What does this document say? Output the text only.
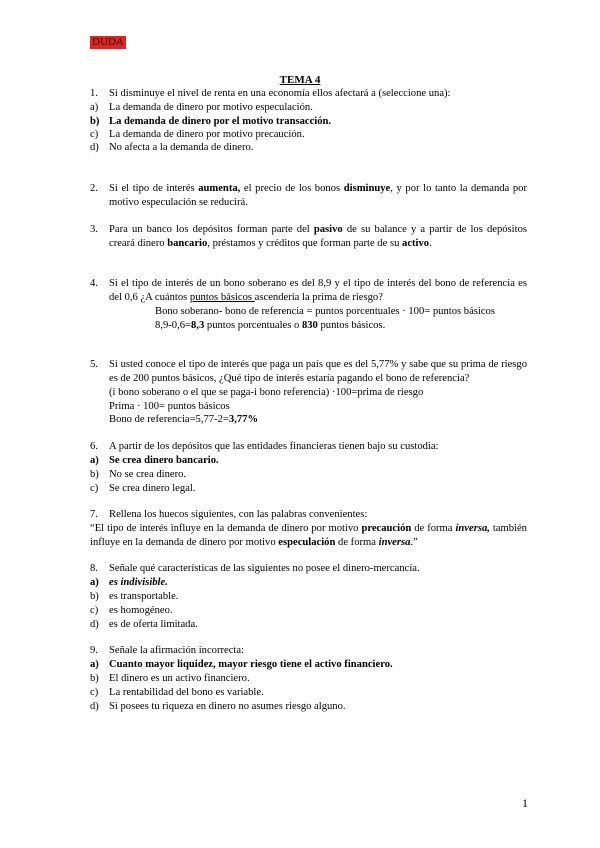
DUDA
TEMA 4
1. Si disminuye el nivel de renta en una economía ellos afectará a (seleccione una):
a) La demanda de dinero por motivo especulación.
b) La demanda de dinero por el motivo transacción.
c) La demanda de dinero por motivo precaución.
d) No afecta a la demanda de dinero.
2. Si el tipo de interés aumenta, el precio de los bonos disminuye, y por lo tanto la demanda por motivo especulación se reducirá.
3. Para un banco los depósitos forman parte del pasivo de su balance y a partir de los depósitos creará dinero bancario, préstamos y créditos que forman parte de su activo.
4. Si el tipo de interés de un bono soberano es del 8,9 y el tipo de interés del bono de referencia es del 0,6 ¿A cuántos puntos básicos ascendería la prima de riesgo?
Bono soberano- bono de referencia = puntos porcentuales · 100= puntos básicos
8,9-0,6=8,3 puntos porcentuales o 830 puntos básicos.
5. Si usted conoce el tipo de interés que paga un país que es del 5,77% y sabe que su prima de riesgo es de 200 puntos básicos, ¿Qué tipo de interés estaría pagando el bono de referencia?
(i bono soberano o el que se paga-i bono referencia) ·100=prima de riesgo
Prima · 100= puntos básicos
Bono de referencia=5,77-2=3,77%
6. A partir de los depósitos que las entidades financieras tienen bajo su custodia:
a) Se crea dinero bancario.
b) No se crea dinero.
c) Se crea dinero legal.
7. Rellena los huecos siguientes, con las palabras convenientes:
“El tipo de interés influye en la demanda de dinero por motivo precaución de forma inversa, también influye en la demanda de dinero por motivo especulación de forma inversa.”
8. Señale qué características de las siguientes no posee el dinero-mercancía.
a) es indivisible.
b) es transportable.
c) es homogéneo.
d) es de oferta limitada.
9. Señale la afirmación incorrecta:
a) Cuanto mayor liquidez, mayor riesgo tiene el activo financiero.
b) El dinero es un activo financiero.
c) La rentabilidad del bono es variable.
d) Si posees tu riqueza en dinero no asumes riesgo alguno.
1
